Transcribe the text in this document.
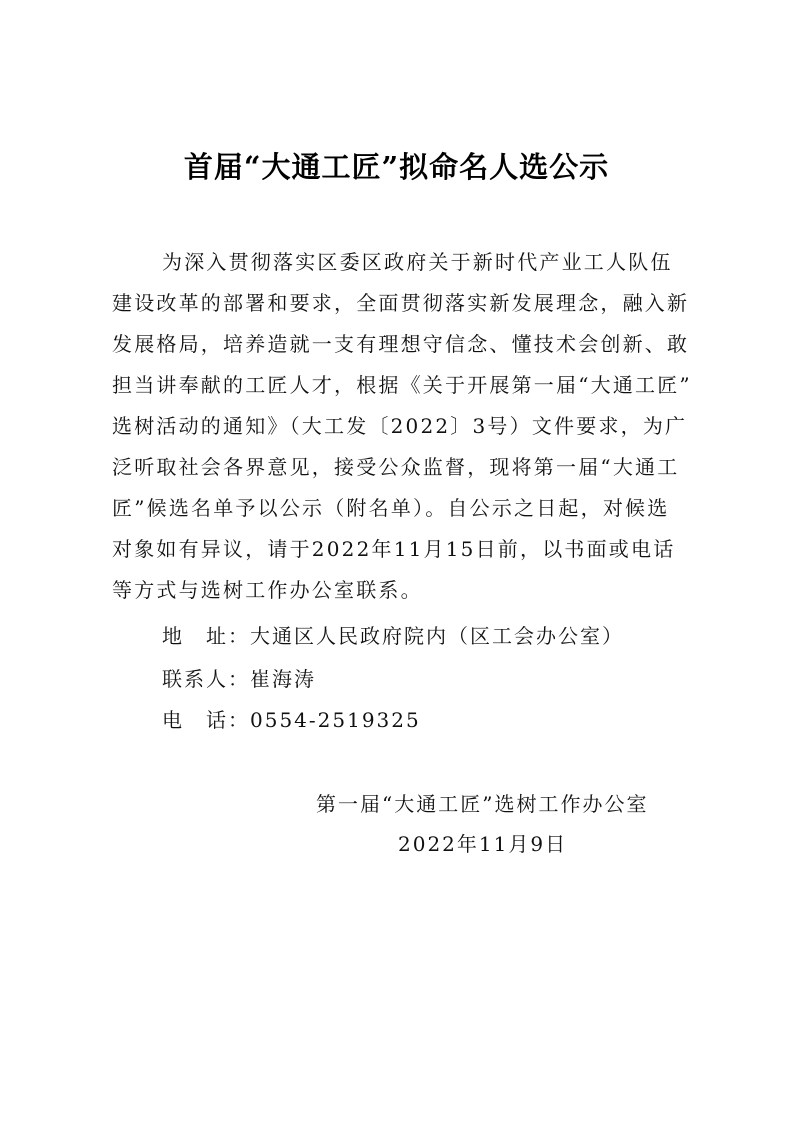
首届“大通工匠”拟命名人选公示

为深入贯彻落实区委区政府关于新时代产业工人队伍
建设改革的部署和要求，全面贯彻落实新发展理念，融入新
发展格局，培养造就一支有理想守信念、懂技术会创新、敢
担当讲奉献的工匠人才，根据《关于开展第一届“大通工匠”
选树活动的通知》（大工发〔2022〕3号）文件要求，为广
泛听取社会各界意见，接受公众监督，现将第一届“大通工
匠”候选名单予以公示（附名单）。自公示之日起，对候选
对象如有异议，请于2022年11月15日前，以书面或电话
等方式与选树工作办公室联系。

地　址：大通区人民政府院内（区工会办公室）
联系人：崔海涛
电　话：0554-2519325
第一届“大通工匠”选树工作办公室
2022年11月9日
